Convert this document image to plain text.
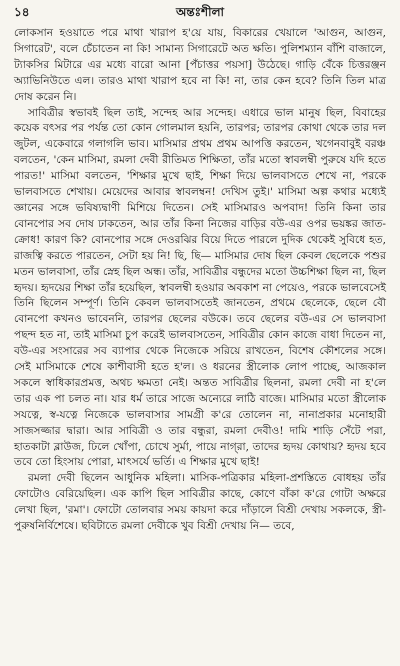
১৪	অন্তঃশীলা

লোকসান হওয়াতে পরে মাথা খারাপ হ'য়ে যায়, বিকারের খেয়ালে 'আগুন, আগুন, সিগারেট', বলে চেঁচাতেন না কি! সামান্য সিগারেটে অত ক্ষতি। পুলিশম্যান বাঁশি বাজালে, ট্যাকসির মিটারে এর মধ্যে বারো আনা [পঁচাত্তর পয়সা] উঠেছে। গাড়ি বেঁকে চিত্তরঞ্জন অ্যাভিনিউতে এল। তারও মাথা খারাপ হবে না কি! না, তার কেন হবে? তিনি তিল মাত্র দোষ করেন নি।

সাবিত্রীর স্বভাবই ছিল তাই, সন্দেহ আর সন্দেহ। এধারে ভাল মানুষ ছিল, বিবাহের কয়েক বৎসর পর পর্যন্ত তো কোন গোলমাল হয়নি, তারপর; তারপর কোথা থেকে তার দল জুটল, একেবারে গলাগলি ভাব। মাসিমার প্রথম প্রথম আপত্তি করতেন, খগেনবাবুই বরঞ্চ বলতেন, 'কেন মাসিমা, রমলা দেবী রীতিমত শিক্ষিতা, তাঁর মতো স্বাবলম্বী পুরুষে যদি হতে পারত!' মাসিমা বলতেন, 'শিক্ষার মুখে ছাই, শিক্ষা দিয়ে ভালবাসতে শেখে না, পরকে ভালবাসতে শেখায়। মেয়েদের আবার স্বাবলম্বন! দেখিস তুই।' মাসিমা অল্প কথার মধ্যেই জ্ঞানের সঙ্গে ভবিষ্যদ্বাণী মিশিয়ে দিতেন। সেই মাসিমারও অপবাদ! তিনি কিনা তার বোনপোর সব দোষ ঢাকতেন, আর তাঁর কিনা নিজের বাড়ির বউ-এর ওপর ভয়ঙ্কর জাত-ক্রোধ! কারণ কি? বোনপোর সঙ্গে দেওরঝির বিয়ে দিতে পারলে দুদিক থেকেই সুবিধে হত, রাজত্বি করতে পারতেন, সেটা হয় নি! ছি, ছি— মাসিমার দোষ ছিল কেবল ছেলেকে পশুর মতন ভালবাসা, তাঁর স্নেহ ছিল অন্ধ। তাঁর, সাবিত্রীর বন্ধুদের মতো উচ্চশিক্ষা ছিল না, ছিল হৃদয়। হৃদয়ের শিক্ষা তাঁর হয়েছিল, স্বাবলম্বী হওয়ার অবকাশ না পেয়েও, পরকে ভালবেসেই তিনি ছিলেন সম্পূর্ণ। তিনি কেবল ভালবাসতেই জানতেন, প্রথমে ছেলেকে, ছেলে বৌ বোনপো কখনও ভাবেননি, তারপর ছেলের বউকে। তবে ছেলের বউ-এর সে ভালবাসা পছন্দ হত না, তাই মাসিমা চুপ করেই ভালবাসতেন, সাবিত্রীর কোন কাজে বাধা দিতেন না, বউ-এর সংসারের সব ব্যাপার থেকে নিজেকে সরিয়ে রাখতেন, বিশেষ কৌশলের সঙ্গে। সেই মাসিমাকে শেষে কাশীবাসী হতে হ'ল। ও ধরনের স্ত্রীলোক লোপ পাচ্ছে, আজকাল সকলে স্বাধিকারপ্রমত্ত, অথচ ক্ষমতা নেই। অন্তত সাবিত্রীর ছিলনা, রমলা দেবী না হ'লে তার এক পা চলত না। যার ধর্ম তারে সাজে অন্যেরে লাঠি বাজে। মাসিমার মতো স্ত্রীলোক সযত্নে, স্ব-যত্নে নিজেকে ভালবাসার সামগ্রী ক'রে তোলেন না, নানাপ্রকার মনোহারী সাজসজ্জার দ্বারা। আর সাবিত্রী ও তার বন্ধুরা, রমলা দেবীও! দামি শাড়ি সেঁটে পরা, হাতকাটা ব্লাউজ, ঢিলে খোঁপা, চোখে সুর্মা, পায়ে নাগ্‌রা, তাদের হৃদয় কোথায়? হৃদয় হবে তবে তো হিংসায় পোরা, মাৎসর্যে ভর্তি। এ শিক্ষার মুখে ছাই!

রমলা দেবী ছিলেন আধুনিক মহিলা। মাসিক-পত্রিকার মহিলা-প্রশস্তিতে বোধহয় তাঁর ফোটোও বেরিয়েছিল। এক কাপি ছিল সাবিত্রীর কাছে, কোণে বাঁকা ক'রে গোটা অক্ষরে লেখা ছিল, 'রমা'। ফোটো তোলবার সময় কায়দা করে দাঁড়ালে বিশ্রী দেখায় সকলকে, স্ত্রী-পুরুষনির্বিশেষে। ছবিটাতে রমলা দেবীকে খুব বিশ্রী দেখায় নি— তবে,
